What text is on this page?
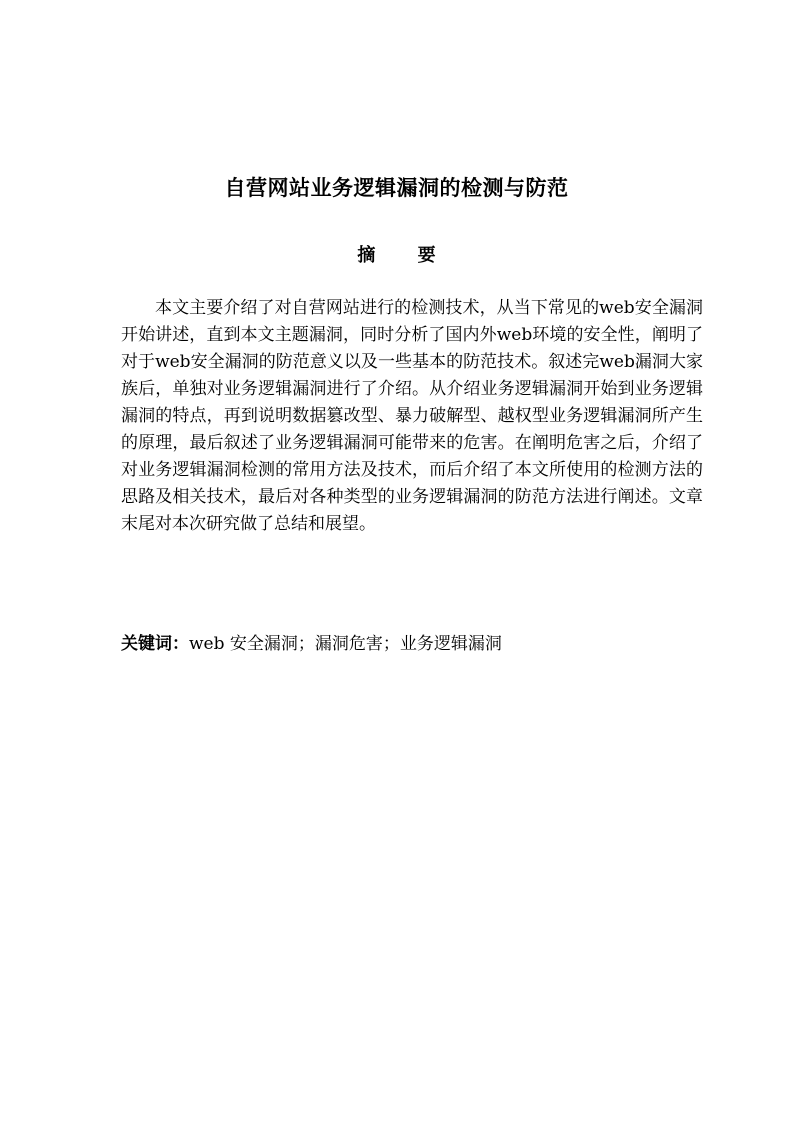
自营网站业务逻辑漏洞的检测与防范
摘 要

本文主要介绍了对自营网站进行的检测技术，从当下常见的web安全漏洞开始讲述，直到本文主题漏洞，同时分析了国内外web环境的安全性，阐明了对于web安全漏洞的防范意义以及一些基本的防范技术。叙述完web漏洞大家族后，单独对业务逻辑漏洞进行了介绍。从介绍业务逻辑漏洞开始到业务逻辑漏洞的特点，再到说明数据篡改型、暴力破解型、越权型业务逻辑漏洞所产生的原理，最后叙述了业务逻辑漏洞可能带来的危害。在阐明危害之后，介绍了对业务逻辑漏洞检测的常用方法及技术，而后介绍了本文所使用的检测方法的思路及相关技术，最后对各种类型的业务逻辑漏洞的防范方法进行阐述。文章末尾对本次研究做了总结和展望。

关键词：web 安全漏洞；漏洞危害；业务逻辑漏洞
